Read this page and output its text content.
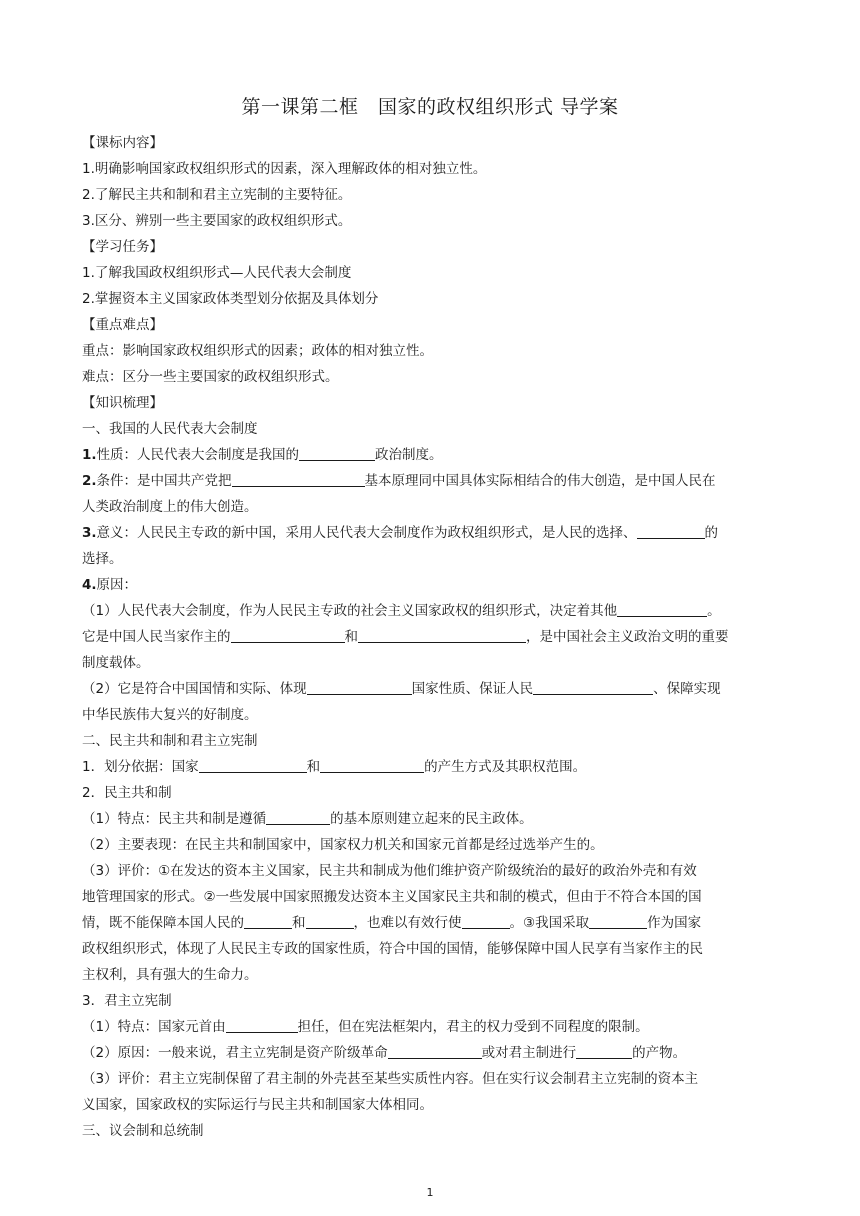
第一课第二框　国家的政权组织形式 导学案
【课标内容】
1.明确影响国家政权组织形式的因素，深入理解政体的相对独立性。
2.了解民主共和制和君主立宪制的主要特征。
3.区分、辨别一些主要国家的政权组织形式。
【学习任务】
1.了解我国政权组织形式—人民代表大会制度
2.掌握资本主义国家政体类型划分依据及具体划分
【重点难点】
重点：影响国家政权组织形式的因素；政体的相对独立性。
难点：区分一些主要国家的政权组织形式。
【知识梳理】
一、我国的人民代表大会制度
1.性质：人民代表大会制度是我国的	政治制度。
2.条件：是中国共产党把	基本原理同中国具体实际相结合的伟大创造，是中国人民在
人类政治制度上的伟大创造。
3.意义：人民民主专政的新中国，采用人民代表大会制度作为政权组织形式，是人民的选择、	的
选择。
4.原因：
（1）人民代表大会制度，作为人民民主专政的社会主义国家政权的组织形式，决定着其他	。
它是中国人民当家作主的	和	，是中国社会主义政治文明的重要
制度载体。
（2）它是符合中国国情和实际、体现	国家性质、保证人民	、保障实现
中华民族伟大复兴的好制度。
二、民主共和制和君主立宪制
1．划分依据：国家	和	的产生方式及其职权范围。
2．民主共和制
（1）特点：民主共和制是遵循	的基本原则建立起来的民主政体。
（2）主要表现：在民主共和制国家中，国家权力机关和国家元首都是经过选举产生的。
（3）评价：①在发达的资本主义国家，民主共和制成为他们维护资产阶级统治的最好的政治外壳和有效
地管理国家的形式。②一些发展中国家照搬发达资本主义国家民主共和制的模式，但由于不符合本国的国
情，既不能保障本国人民的	和	，也难以有效行使	。③我国采取	作为国家
政权组织形式，体现了人民民主专政的国家性质，符合中国的国情，能够保障中国人民享有当家作主的民
主权利，具有强大的生命力。
3．君主立宪制
（1）特点：国家元首由	担任，但在宪法框架内，君主的权力受到不同程度的限制。
（2）原因：一般来说，君主立宪制是资产阶级革命	或对君主制进行	的产物。
（3）评价：君主立宪制保留了君主制的外壳甚至某些实质性内容。但在实行议会制君主立宪制的资本主
义国家，国家政权的实际运行与民主共和制国家大体相同。
三、议会制和总统制
1
